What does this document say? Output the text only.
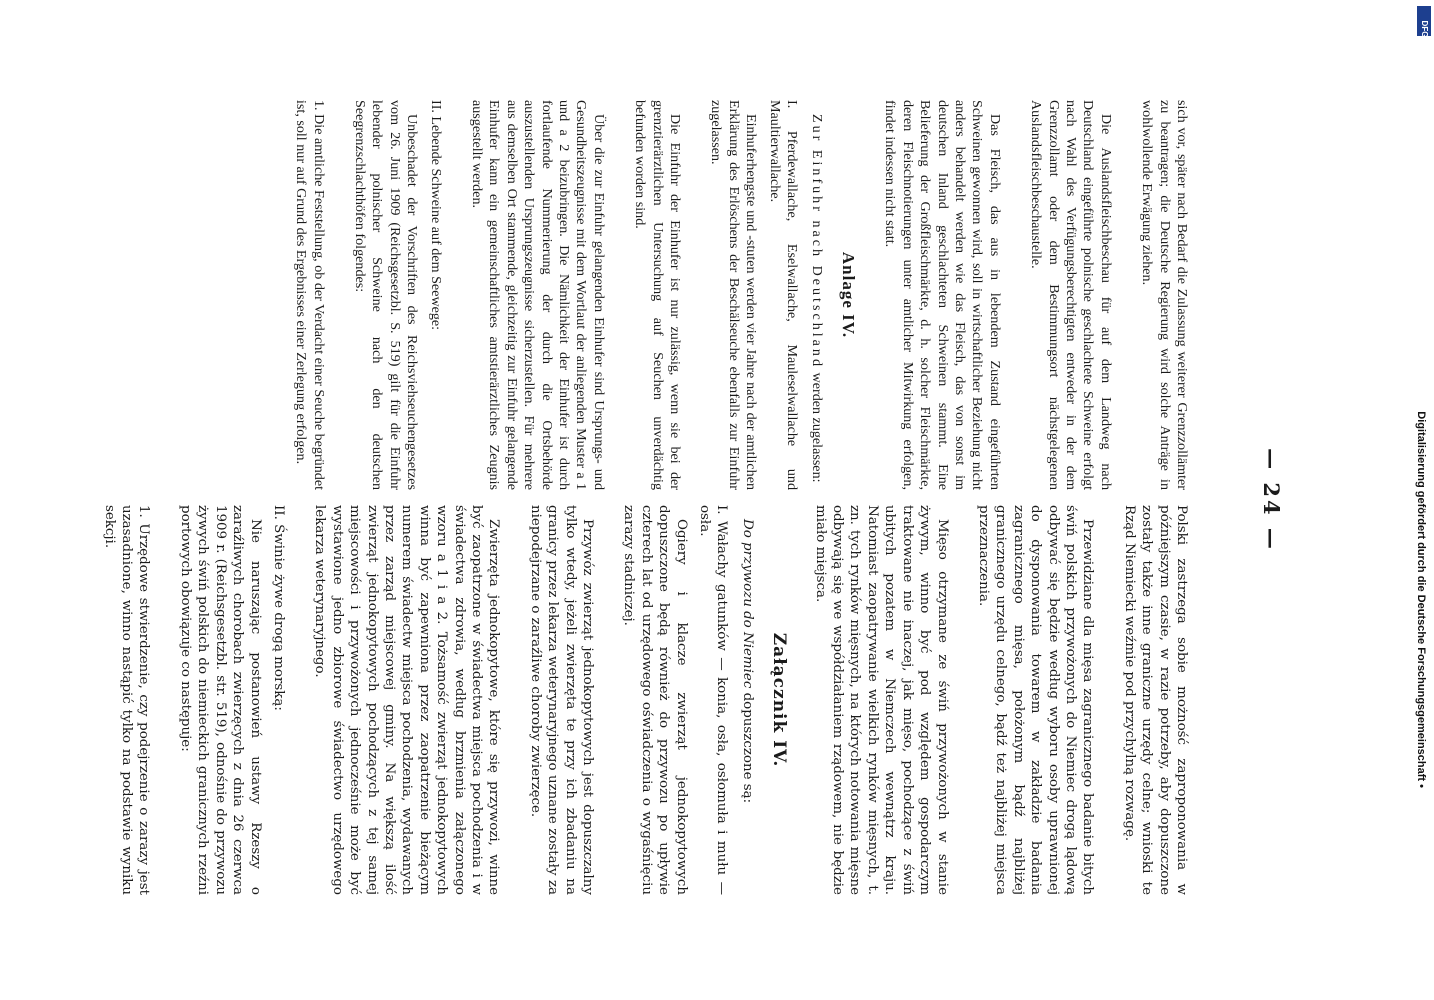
— 24 —

sich vor, später nach Bedarf die Zulassung weiterer Grenzzollämter zu beantragen; die Deutsche Regierung wird solche Anträge in wohlwollende Erwägung ziehen.

Die Auslandsfleischbeschau für auf dem Landweg nach Deutschland eingeführte polnische geschlachtete Schweine erfolgt nach Wahl des Verfügungsberechtigten entweder in der dem Grenzzollamt oder dem Bestimmungsort nächstgelegenen Auslandsfleischbeschaustelle.

Das Fleisch, das aus in lebendem Zustand eingeführten Schweinen gewonnen wird, soll in wirtschaftlicher Beziehung nicht anders behandelt werden wie das Fleisch, das von sonst im deutschen Inland geschlachteten Schweinen stammt. Eine Belieferung der Großfleischmärkte, d. h. solcher Fleischmärkte, deren Fleischnotierungen unter amtlicher Mitwirkung erfolgen, findet indessen nicht statt.

Anlage IV.

Zur Einfuhr nach Deutschland werden zugelassen:

I. Pferdewallache, Eselwallache, Mauleselwallache und Maultierwallache.

Einhuferhengste und -stuten werden vier Jahre nach der amtlichen Erklärung des Erlöschens der Beschälseuche ebenfalls zur Einfuhr zugelassen.

Die Einfuhr der Einhufer ist nur zulässig, wenn sie bei der grenztierärztlichen Untersuchung auf Seuchen unverdächtig befunden worden sind.

Über die zur Einfuhr gelangenden Einhufer sind Ursprungs- und Gesundheitszeugnisse mit dem Wortlaut der anliegenden Muster a 1 und a 2 beizubringen. Die Nämlichkeit der Einhufer ist durch fortlaufende Nummerierung der durch die Ortsbehörde auszustellenden Ursprungszeugnisse sicherzustellen. Für mehrere aus demselben Ort stammende, gleichzeitig zur Einfuhr gelangende Einhufer kann ein gemeinschaftliches amtstierärztliches Zeugnis ausgestellt werden.

II. Lebende Schweine auf dem Seewege:

Unbeschadet der Vorschriften des Reichsviehseuchengesetzes vom 26. Juni 1909 (Reichsgesetzbl. S. 519) gilt für die Einfuhr lebender polnischer Schweine nach den deutschen Seegrenzschlachthöfen folgendes:

1. Die amtliche Feststellung, ob der Verdacht einer Seuche begründet ist, soll nur auf Grund des Ergebnisses einer Zerlegung erfolgen.

Polski zastrzega sobie możność zaproponowania w późniejszym czasie, w razie potrzeby, aby dopuszczone zostały także inne graniczne urzędy celne; wnioski te Rząd Niemiecki weźmie pod przychylną rozwagę.

Przewidziane dla mięsa zagranicznego badanie bitych świń polskich przywożonych do Niemiec drogą lądową odbywać się będzie według wyboru osoby uprawnionej do dysponowania towarem w zakładzie badania zagranicznego mięsa, położonym bądź najbliżej granicznego urzędu celnego, bądź też najbliżej miejsca przeznaczenia.

Mięso otrzymane ze świń przywożonych w stanie żywym, winno być pod względem gospodarczym traktowane nie inaczej, jak mięso, pochodzące z świń ubitych pozatem w Niemczech wewnątrz kraju. Natomiast zaopatrywanie wielkich rynków mięsnych, t. zn. tych rynków mięsnych, na których notowania mięsne odbywają się we współdziałaniem rządowem, nie będzie miało miejsca.

Załącznik IV.

Do przywozu do Niemiec dopuszczone są:

I. Wałachy gatunków — konia, osła, osłomuła i mułu — osła.

Ogiery i klacze zwierząt jednokopytowych dopuszczone będą również do przywozu po upływie czterech lat od urzędowego oświadczenia o wygaśnięciu zarazy stadniczej.

Przywóz zwierząt jednokopytowych jest dopuszczalny tylko wtedy, jeżeli zwierzęta te przy ich zbadaniu na granicy przez lekarza weterynaryjnego uznane zostały za niepodejrzane o zaraźliwe choroby zwierzęce.

Zwierzęta jednokopytowe, które się przywozi, winne być zaopatrzone w świadectwa miejsca pochodzenia i w świadectwa zdrowia, według brzmienia załączonego wzoru a 1 i a 2. Tożsamość zwierząt jednokopytowych winna być zapewniona przez zaopatrzenie bieżącym numerem świadectw miejsca pochodzenia, wydawanych przez zarząd miejscowej gminy. Na większą ilość zwierząt jednokopytowych pochodzących z tej samej miejscowości i przywożonych jednocześnie może być wystawione jedno zbiorowe świadectwo urzędowego lekarza weterynaryjnego.

II. Świnie żywe drogą morską:

Nie naruszając postanowień ustawy Rzeszy o zaraźliwych chorobach zwierzęcych z dnia 26 czerwca 1909 r. (Reichsgesetzbl. str. 519), odnośnie do przywozu żywych świń polskich do niemieckich granicznych rzeźni portowych obowiązuje co następuje:

1. Urzędowe stwierdzenie, czy podejrzenie o zarazy jest uzasadnione, winno nastąpić tylko na podstawie wyniku sekcji.

DFG
Digitalisierung gefördert durch die Deutsche Forschungsgemeinschaft •
